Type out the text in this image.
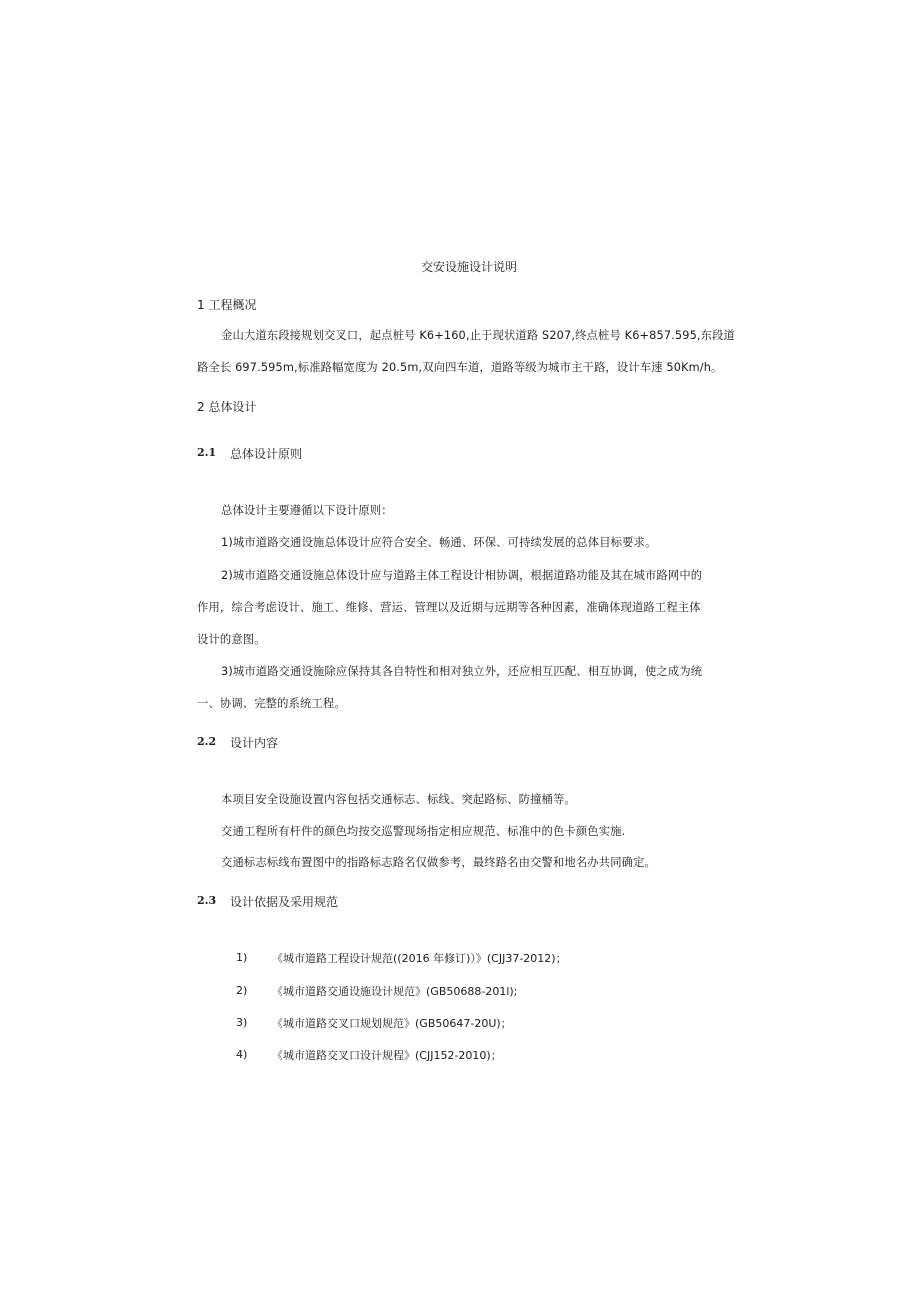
交安设施设计说明
1 工程概况
金山大道东段接规划交叉口，起点桩号 K6+160,止于现状道路 S207,终点桩号 K6+857.595,东段道
路全长 697.595m,标准路幅宽度为 20.5m,双向四车道，道路等级为城市主干路，设计车速 50Km∕h。
2 总体设计
2.1 总体设计原则
总体设计主要遵循以下设计原则：
1)城市道路交通设施总体设计应符合安全、畅通、环保、可持续发展的总体目标要求。
2)城市道路交通设施总体设计应与道路主体工程设计相协调，根据道路功能及其在城市路网中的
作用，综合考虑设计、施工、维修、营运、管理以及近期与远期等各种因素，准确体现道路工程主体
设计的意图。
3)城市道路交通设施除应保持其各自特性和相对独立外，还应相互匹配、相互协调，使之成为统
一、协调、完整的系统工程。
2.2 设计内容
本项目安全设施设置内容包括交通标志、标线、突起路标、防撞桶等。
交通工程所有杆件的颜色均按交巡警现场指定相应规范、标准中的色卡颜色实施.
交通标志标线布置图中的指路标志路名仅做参考，最终路名由交警和地名办共同确定。
2.3 设计依据及采用规范
1) 《城市道路工程设计规范((2016 年修订)）》(CJJ37-2012)；
2) 《城市道路交通设施设计规范》(GB50688-201l);
3) 《城市道路交叉口规划规范》(GB50647-20U)；
4) 《城市道路交叉口设计规程》(CJJ152-2010)；
